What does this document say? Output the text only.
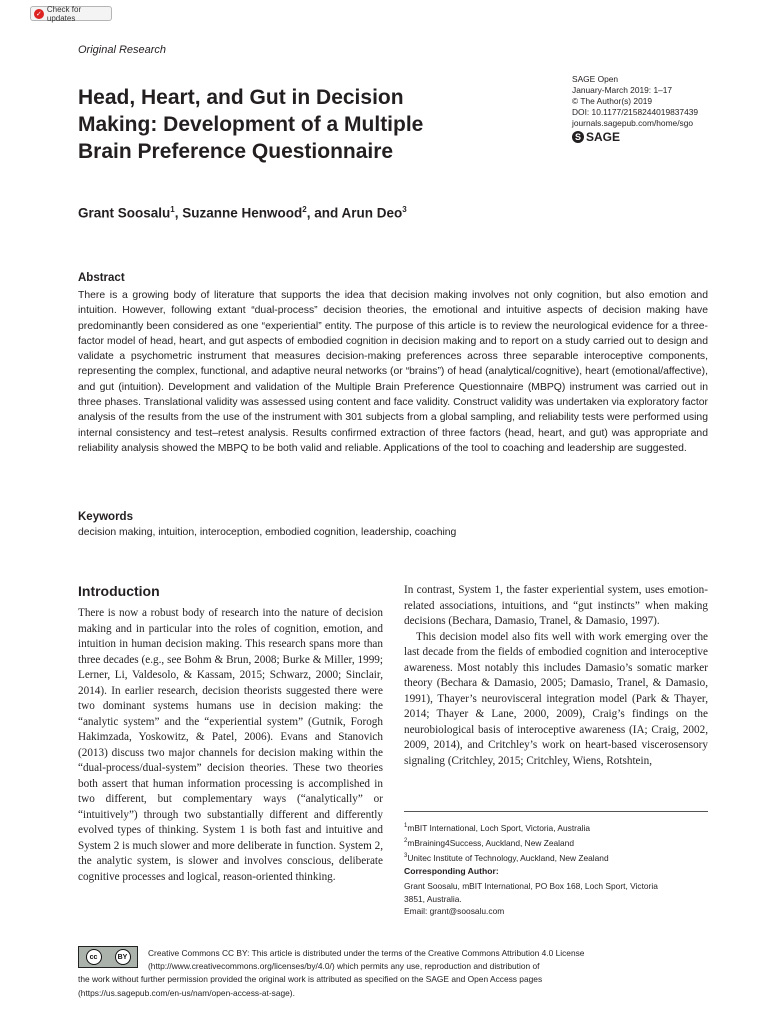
✓
Check for updates
Original Research
Head, Heart, and Gut in Decision Making: Development of a Multiple Brain Preference Questionnaire
SAGE Open
January-March 2019: 1–17
© The Author(s) 2019
DOI: 10.1177/2158244019837439
journals.sagepub.com/home/sgo
S SAGE
Grant Soosalu$^1$, Suzanne Henwood$^2$, and Arun Deo$^3$
Abstract
There is a growing body of literature that supports the idea that decision making involves not only cognition, but also emotion and intuition. However, following extant “dual-process” decision theories, the emotional and intuitive aspects of decision making have predominantly been considered as one “experiential” entity. The purpose of this article is to review the neurological evidence for a three-factor model of head, heart, and gut aspects of embodied cognition in decision making and to report on a study carried out to design and validate a psychometric instrument that measures decision-making preferences across three separable interoceptive components, representing the complex, functional, and adaptive neural networks (or “brains”) of head (analytical/cognitive), heart (emotional/affective), and gut (intuition). Development and validation of the Multiple Brain Preference Questionnaire (MBPQ) instrument was carried out in three phases. Translational validity was assessed using content and face validity. Construct validity was undertaken via exploratory factor analysis of the results from the use of the instrument with 301 subjects from a global sampling, and reliability tests were performed using internal consistency and test–retest analysis. Results confirmed extraction of three factors (head, heart, and gut) was appropriate and reliability analysis showed the MBPQ to be both valid and reliable. Applications of the tool to coaching and leadership are suggested.
Keywords
decision making, intuition, interoception, embodied cognition, leadership, coaching
Introduction

There is now a robust body of research into the nature of decision making and in particular into the roles of cognition, emotion, and intuition in human decision making. This research spans more than three decades (e.g., see Bohm & Brun, 2008; Burke & Miller, 1999; Lerner, Li, Valdesolo, & Kassam, 2015; Schwarz, 2000; Sinclair, 2014). In earlier research, decision theorists suggested there were two dominant systems humans use in decision making: the “analytic system” and the “experiential system” (Gutnik, Forogh Hakimzada, Yoskowitz, & Patel, 2006). Evans and Stanovich (2013) discuss two major channels for decision making within the “dual-process/dual-system” decision theories. These two theories both assert that human information processing is accomplished in two different, but complementary ways (“analytically” or “intuitively”) through two substantially different and differently evolved types of thinking. System 1 is both fast and intuitive and System 2 is much slower and more deliberate in function. System 2, the analytic system, is slower and involves conscious, deliberate cognitive processes and logical, reason-oriented thinking.

In contrast, System 1, the faster experiential system, uses emotion-related associations, intuitions, and “gut instincts” when making decisions (Bechara, Damasio, Tranel, & Damasio, 1997).

This decision model also fits well with work emerging over the last decade from the fields of embodied cognition and interoceptive awareness. Most notably this includes Damasio’s somatic marker theory (Bechara & Damasio, 2005; Damasio, Tranel, & Damasio, 1991), Thayer’s neurovisceral integration model (Park & Thayer, 2014; Thayer & Lane, 2000, 2009), Craig’s findings on the neurobiological basis of interoceptive awareness (IA; Craig, 2002, 2009, 2014), and Critchley’s work on heart-based viscerosensory signaling (Critchley, 2015; Critchley, Wiens, Rotshtein,

$^1$mBIT International, Loch Sport, Victoria, Australia
$^2$mBraining4Success, Auckland, New Zealand
$^3$Unitec Institute of Technology, Auckland, New Zealand
Corresponding Author:
Grant Soosalu, mBIT International, PO Box 168, Loch Sport, Victoria
3851, Australia.
Email: grant@soosalu.com
cc	BY	Creative Commons CC BY: This article is distributed under the terms of the Creative Commons Attribution 4.0 License
(http://www.creativecommons.org/licenses/by/4.0/) which permits any use, reproduction and distribution of
the work without further permission provided the original work is attributed as specified on the SAGE and Open Access pages
(https://us.sagepub.com/en-us/nam/open-access-at-sage).
